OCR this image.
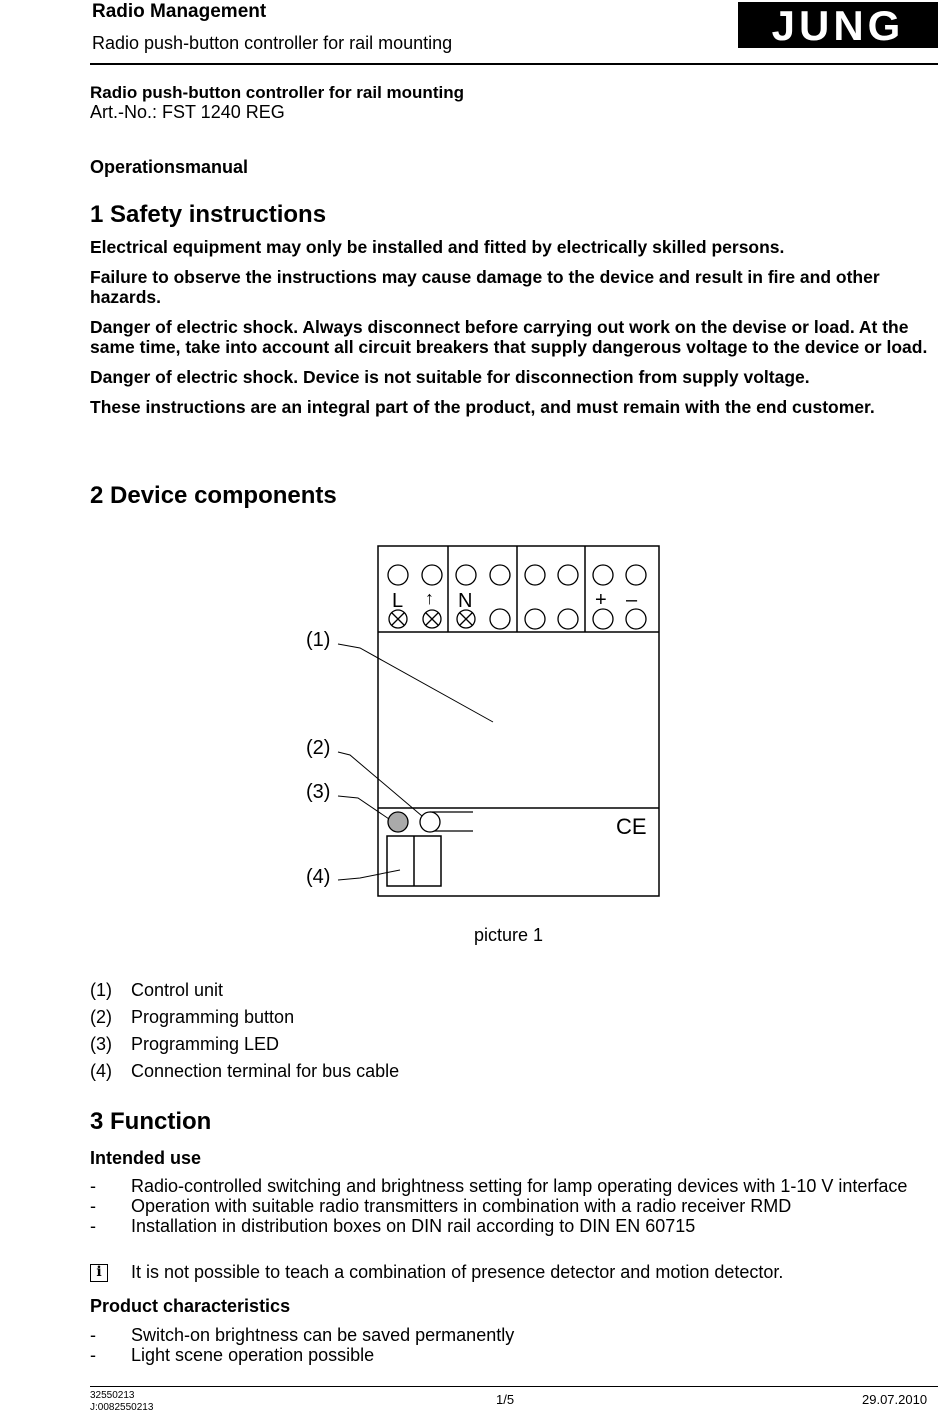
Radio Management
Radio push-button controller for rail mounting	JUNG
Radio push-button controller for rail mounting
Art.-No.: FST 1240 REG
Operationsmanual
1 Safety instructions

Electrical equipment may only be installed and fitted by electrically skilled persons.

Failure to observe the instructions may cause damage to the device and result in fire and other hazards.

Danger of electric shock. Always disconnect before carrying out work on the devise or load. At the same time, take into account all circuit breakers that supply dangerous voltage to the device or load.

Danger of electric shock. Device is not suitable for disconnection from supply voltage.

These instructions are an integral part of the product, and must remain with the end customer.

2 Device components
L ↑ N	+ –
CE
(1)
(2)
(3)
(4)
picture 1
(1) Control unit
(2) Programming button
(3) Programming LED
(4) Connection terminal for bus cable
3 Function
Intended use
- Radio-controlled switching and brightness setting for lamp operating devices with 1-10 V interface
- Operation with suitable radio transmitters in combination with a radio receiver RMD
- Installation in distribution boxes on DIN rail according to DIN EN 60715
i	It is not possible to teach a combination of presence detector and motion detector.
Product characteristics
- Switch-on brightness can be saved permanently
- Light scene operation possible
32550213
J:0082550213
1/5	29.07.2010
